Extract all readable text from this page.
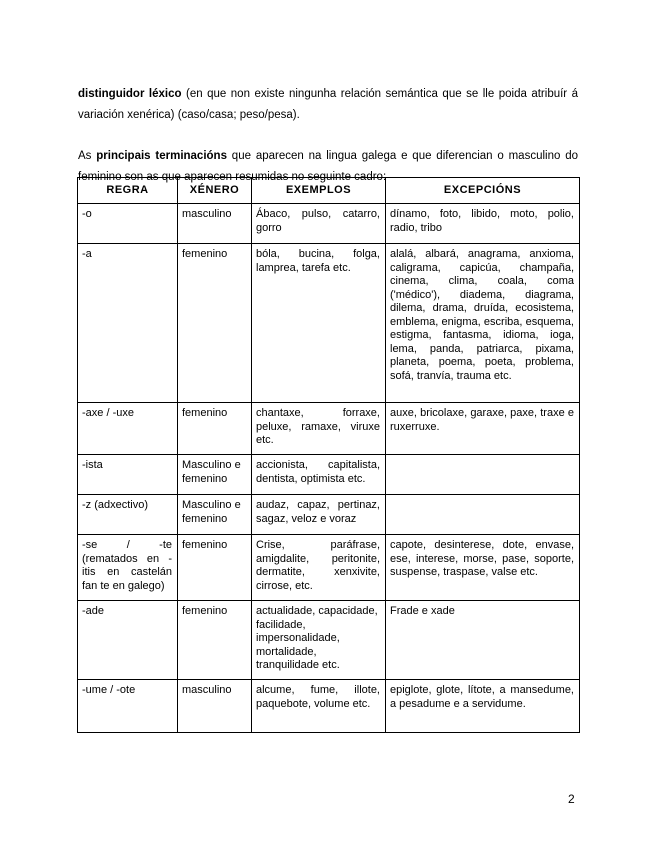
distinguidor léxico (en que non existe ningunha relación semántica que se lle poida atribuír á variación xenérica) (caso/casa; peso/pesa).

As principais terminacións que aparecen na lingua galega e que diferencian o masculino do feminino son as que aparecen resumidas no seguinte cadro:

REGRA	XÉNERO	EXEMPLOS	EXCEPCIÓNS
-o	masculino	Ábaco, pulso, catarro, gorro	dínamo, foto, libido, moto, polio, radio, tribo
-a	femenino	bóla, bucina, folga, lamprea, tarefa etc.	alalá, albará, anagrama, anxioma, caligrama, capicúa, champaña, cinema, clima, coala, coma ('médico'), diadema, diagrama, dilema, drama, druída, ecosistema, emblema, enigma, escriba, esquema, estigma, fantasma, idioma, ioga, lema, panda, patriarca, pixama, planeta, poema, poeta, problema, sofá, tranvía, trauma etc.
-axe / -uxe	femenino	chantaxe, forraxe, peluxe, ramaxe, viruxe etc.	auxe, bricolaxe, garaxe, paxe, traxe e ruxerruxe.
-ista	Masculino e femenino	accionista, capitalista, dentista, optimista etc.	
-z (adxectivo)	Masculino e femenino	audaz, capaz, pertinaz, sagaz, veloz e voraz	
-se / -te (rematados en -itis en castelán fan te en galego)	femenino	Crise, paráfrase, amigdalite, peritonite, dermatite, xenxivite, cirrose, etc.	capote, desinterese, dote, envase, ese, interese, morse, pase, soporte, suspense, traspase, valse etc.
-ade	femenino	actualidade, capacidade, facilidade, impersonalidade, mortalidade, tranquilidade etc.	Frade e xade
-ume / -ote	masculino	alcume, fume, illote, paquebote, volume etc.	epiglote, glote, lítote, a mansedume, a pesadume e a servidume.
2
